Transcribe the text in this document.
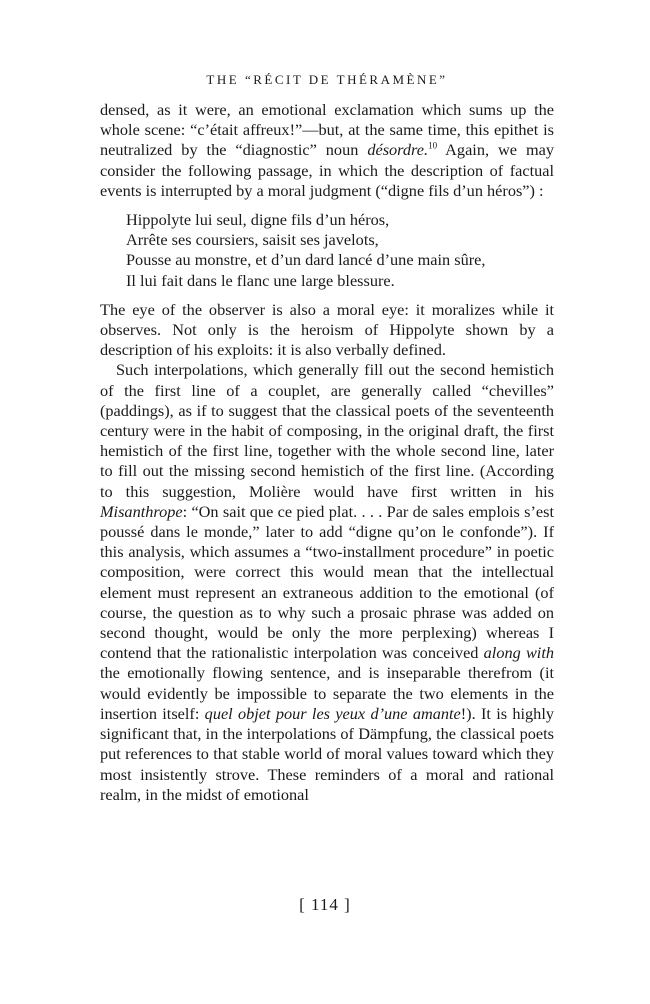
THE “RÉCIT DE THÉRAMÈNE”

densed, as it were, an emotional exclamation which sums up the whole scene: “c’était affreux!”—but, at the same time, this epithet is neutralized by the “diagnostic” noun désordre.$^{10}$ Again, we may consider the following passage, in which the description of factual events is interrupted by a moral judgment (“digne fils d’un héros”) :

Hippolyte lui seul, digne fils d’un héros,
Arrête ses coursiers, saisit ses javelots,
Pousse au monstre, et d’un dard lancé d’une main sûre,
Il lui fait dans le flanc une large blessure.

The eye of the observer is also a moral eye: it moralizes while it observes. Not only is the heroism of Hippolyte shown by a description of his exploits: it is also verbally defined.

Such interpolations, which generally fill out the second hemistich of the first line of a couplet, are generally called “chevilles” (paddings), as if to suggest that the classical poets of the seventeenth century were in the habit of composing, in the original draft, the first hemistich of the first line, together with the whole second line, later to fill out the missing second hemistich of the first line. (According to this suggestion, Molière would have first written in his Misanthrope: “On sait que ce pied plat. . . . Par de sales emplois s’est poussé dans le monde,” later to add “digne qu’on le confonde”). If this analysis, which assumes a “two-installment procedure” in poetic composition, were correct this would mean that the intellectual element must represent an extraneous addition to the emotional (of course, the question as to why such a prosaic phrase was added on second thought, would be only the more perplexing) whereas I contend that the rationalistic interpolation was conceived along with the emotionally flowing sentence, and is inseparable therefrom (it would evidently be impossible to separate the two elements in the insertion itself: quel objet pour les yeux d’une amante!). It is highly significant that, in the interpolations of Dämpfung, the classical poets put references to that stable world of moral values toward which they most insistently strove. These reminders of a moral and rational realm, in the midst of emotional

[ 114 ]
